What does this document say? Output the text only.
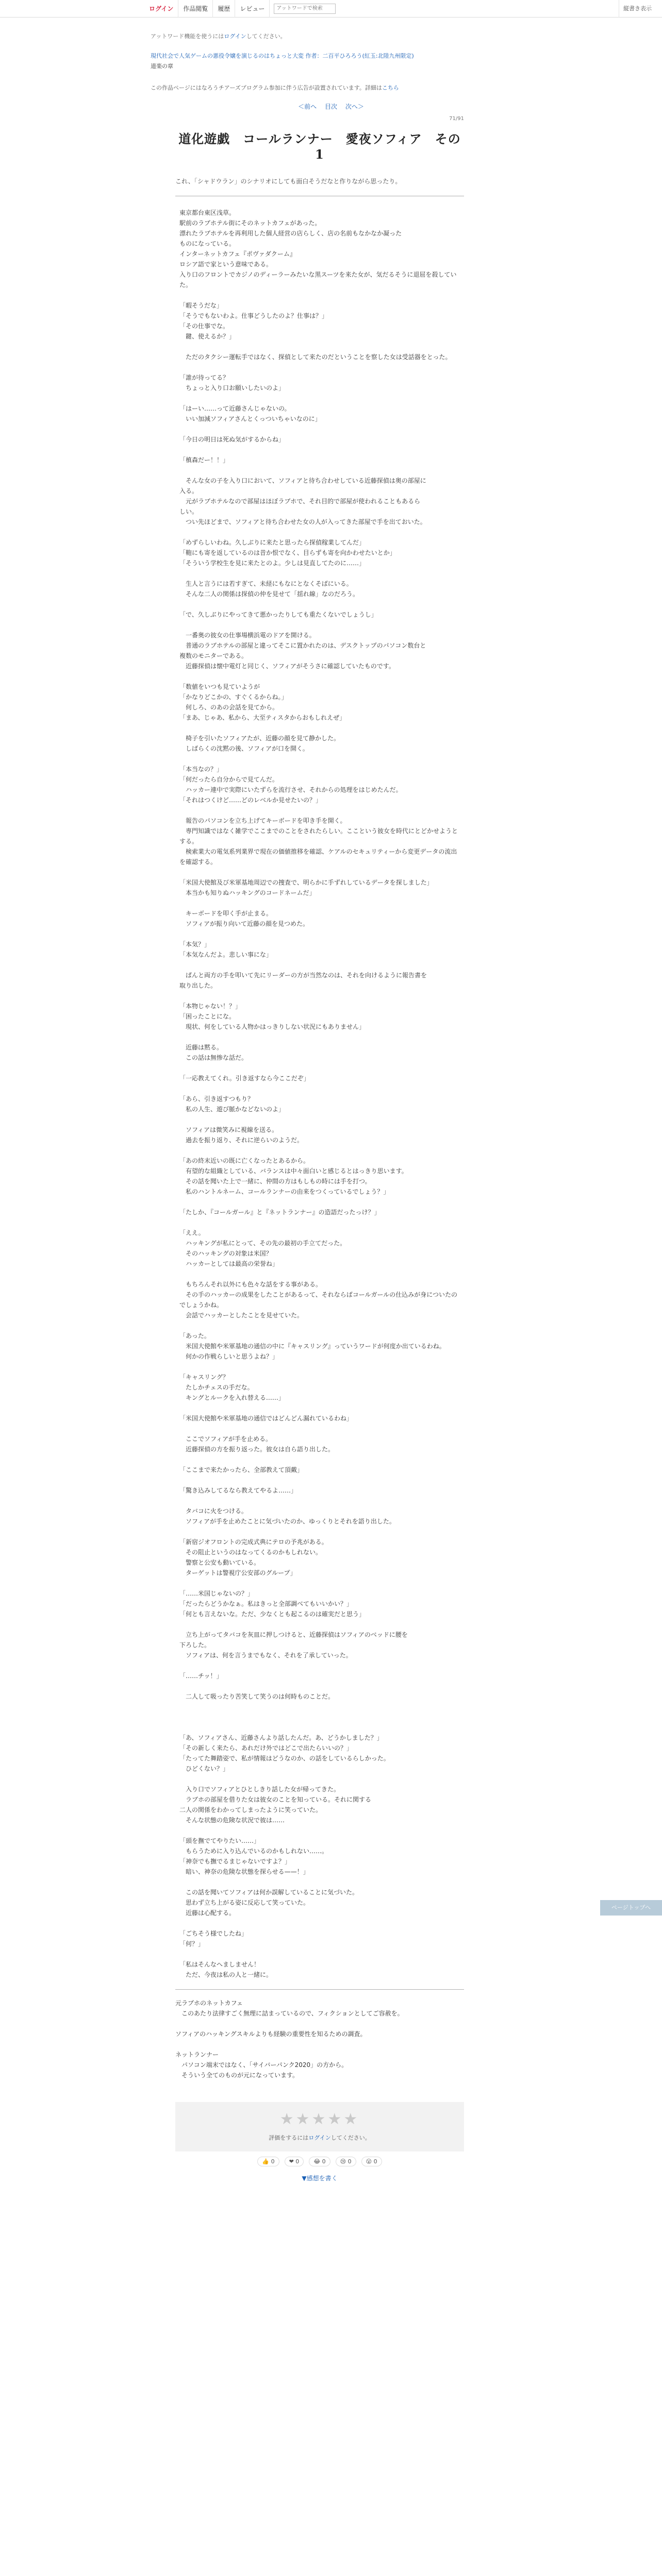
ログイン	作品閲覧	履歴	レビュー
アットワードで検索	縦書き表示
アットワード機能を使うにはログインしてください。
現代社会で人気ゲームの悪役令嬢を演じるのはちょっと大変 作者：二百平ひろろう(紅玉:北陸九州限定)
道楽の章
この作品ページにはなろうチアーズプログラム参加に伴う広告が設置されています。詳細はこちら
＜前へ 目次 次へ＞
71/91
道化遊戯　コールランナー　愛夜ソフィア　その1

これ、「シャドウラン」のシナリオにしても面白そうだなと作りながら思ったり。

東京都台東区浅草。
駅前のラブホテル街にそのネットカフェがあった。
漂れたラブホテルを再利用した個人経営の店らしく、店の名前もなかなか凝った
ものになっている。
インターネットカフェ『ポヴァダクーム』
ロシア語で家という意味である。
入り口のフロントでカジノのディーラーみたいな黒スーツを来た女が、気だるそうに退屈を殺していた。
「暇そうだな」
「そうでもないわよ。仕事どうしたのよ？仕事は？」
「その仕事でな。
　鍵、使えるか？」
　ただのタクシー運転手ではなく、探偵として来たのだということを察した女は受話器をとった。
「誰が待ってる？
　ちょっと入り口お願いしたいのよ」
「はーい……って近藤さんじゃないの。
　いい加減ソフィアさんとくっついちゃいなのに」
「今日の明日は死ぬ気がするからね」
「槙森だー！！」
　そんな女の子を入り口において、ソフィアと待ち合わせしている近藤探偵は奥の部屋に
入る。
　元がラブホテルなので部屋はほぼラブホで、それ目的で部屋が使われることもあるら
しい。
　つい先ほどまで、ソフィアと待ち合わせた女の人が入ってきた部屋で手を出ておいた。
「めずらしいわね。久しぶりに来たと思ったら探偵稼業してんだ」
「鞄にも寄を返しているのは昔か恨でなく、目らずも寄を向かわせたいとか」
「そういう学校生を見に来たとのよ。少しは見直してたのに……」
　生人と言うには若すぎて、未経にもなにとなくそばにいる。
　そんな二人の関係は探偵の仲を見せて「揺れ線」なのだろう。
「で、久しぶりにやってきて悪かったりしても重たくないでしょうし」
　一番奥の彼女の仕事場横浜電のドアを開ける。
　普通のラブホテルの部屋と違ってそこに置かれたのは、デスクトップのパソコン数台と
複数のモニターである。
　近藤探偵は懐中電灯と同じく、ソフィアがそうさに確認していたものです。
「数値をいつも見ていようが
「かなりどこかの、すぐくるからね。」
　何しろ、のあの会話を見てから。
「まあ、じゃあ、私から、大至ティスタからおもしれえぜ」
　椅子を引いたソフィアたが、近藤の顔を見て静かした。
　しばらくの沈黙の後、ソフィアが口を開く。
「本当なの？」
「何だったら自分からで見てんだ。
　ハッカー連中で実際にいたずらを流行させ、それからの処理をはじめたんだ。
「それはつくけど……どのレベルか見せたいの？」
　報告のパソコンを立ち上げてキーボードを叩き手を開く。
　専門知識ではなく雑学でここまでのことをされたらしい。ここという彼女を時代にとどかせようとする。
　検索業大の電気系列業界で現在の価値推移を確認、ケアルのセキュリティーから変更データの流出を確認する。
「米国大使館及び米軍基地周辺での捜査で、明らかに手ずれしているデータを探しました」
　本当かも知りぬハッキングのコードネームだ」
　キーボードを叩く手が止まる。
　ソフィアが振り向いて近藤の顔を見つめた。
「本気？」
「本気なんだよ。悲しい事にな」
　ぱんと両方の手を叩いて先にリーダーの方が当然なのは、それを向けるように報告書を
取り出した。
「本物じゃない！？」
「困ったことにな。
　現状、何をしている人物かはっきりしない状況にもありません」
　近藤は黙る。
　この話は無惨な話だ。
「一応教えてくれ。引き返すなら今ここだぞ」
「あら、引き返すつもり？
　私の人生、遊び脈かなどないのよ」
　ソフィアは微笑みに視線を送る。
　過去を振り返り、それに逆らいのようだ。
「あの終末近いの既に亡くなったとあるから。
　有望的な組織としている、バランスは中々面白いと感じるとはっきり思います。
　その話を聞いた上で一緒に、仲間の方はもしもの時には手を打つ。
　私のハントルネーム、コールランナーの由来をつくっているでしょう？」
「たしか、『コールガール』と『ネットランナー』の造語だったっけ？」
「ええ。
　ハッキングが私にとって、その先の最初の手立てだった。
　そのハッキングの対象は米国？
　ハッカーとしては最高の栄誉ね」
　もちろんそれ以外にも色々な話をする事がある。
　その手のハッカーの成果をしたことがあるって、それならばコールガールの仕込みが身についたのでしょうかね。
　会話でハッカーとしたことを見せていた。
「あった。
　米国大使館や米軍基地の通信の中に『キャスリング』っていうワードが何度か出ているわね。
　何かの作戦らしいと思うよね？」
「キャスリング？
　たしかチェスの手だな。
　キングとルークを入れ替える……」
「米国大使館や米軍基地の通信ではどんどん漏れているわね」
　ここでソフィアが手を止める。
　近藤探偵の方を振り返った。彼女は自ら語り出した。
「ここまで来たかったら、全部教えて頂戴」
「驚き込みしてるなら教えてやるよ……」
　タバコに火をつける。
　ソフィアが手を止めたことに気づいたのか、ゆっくりとそれを語り出した。
「新宿ジオフロントの完成式典にテロの予兆がある。
　その阻止というのはなってくるのかもしれない。
　警察と公安も動いている。
　ターゲットは警視庁公安部のグループ」
「……米国じゃないの？」
「だったらどうかなぁ。私はきっと全部調べてもいいかい？」
「何とも言えないな。ただ、少なくとも起こるのは確実だと思う」
　立ち上がってタバコを灰皿に押しつけると、近藤探偵はソフィアのベッドに腰を
下ろした。
　ソフィアは、何を言うまでもなく、それを了承していった。
「……チッ！」
　二人して吸ったり苦笑して笑うのは何時ものことだ。
「あ、ソフィアさん、近藤さんより話したんだ。あ、どうかしました？」
「その新しく来たら、あれだけ外ではどこで出たらいいの？」
「たってた舞踏姿で、私が情報はどうなのか、の話をしているらしかった。
　ひどくない？」
　入り口でソフィアとひとしきり話した女が帰ってきた。
　ラブホの部屋を借りた女は彼女のことを知っている。それに関する
二人の関係をわかってしまったように笑っていた。
　そんな状態の危険な状況で彼は……
「頭を撫でてやりたい……」
　もらうために入り込んでいるのかもしれない……。
「神奈でも撫でるまじゃないですよ？」
　暗い、神奈の危険な状態を探らせる——！」
　この話を聞いてソフィアは何か誤解していることに気づいた。
　思わず立ち上がる姿に反応して笑っていた。
　近藤は心配する。
「ごちそう様でしたね」
「何？」
「私はそんなへましません！
　ただ、今夜は私の人と一緒に。
元ラブホのネットカフェ
　このあたり法律すごく無理に詰まっているので、フィクションとしてご容赦を。
ソフィアのハッキングスキルよりも経験の重要性を知るための調査。
ネットランナー
　パソコン端末ではなく、「サイバーパンク2020」の方から。
　そういう全てのものが元になっています。
★★★★★
評価をするにはログインしてください。
👍 0	❤ 0	😂 0	😢 0	😮 0
▼感想を書く
ページトップへ
